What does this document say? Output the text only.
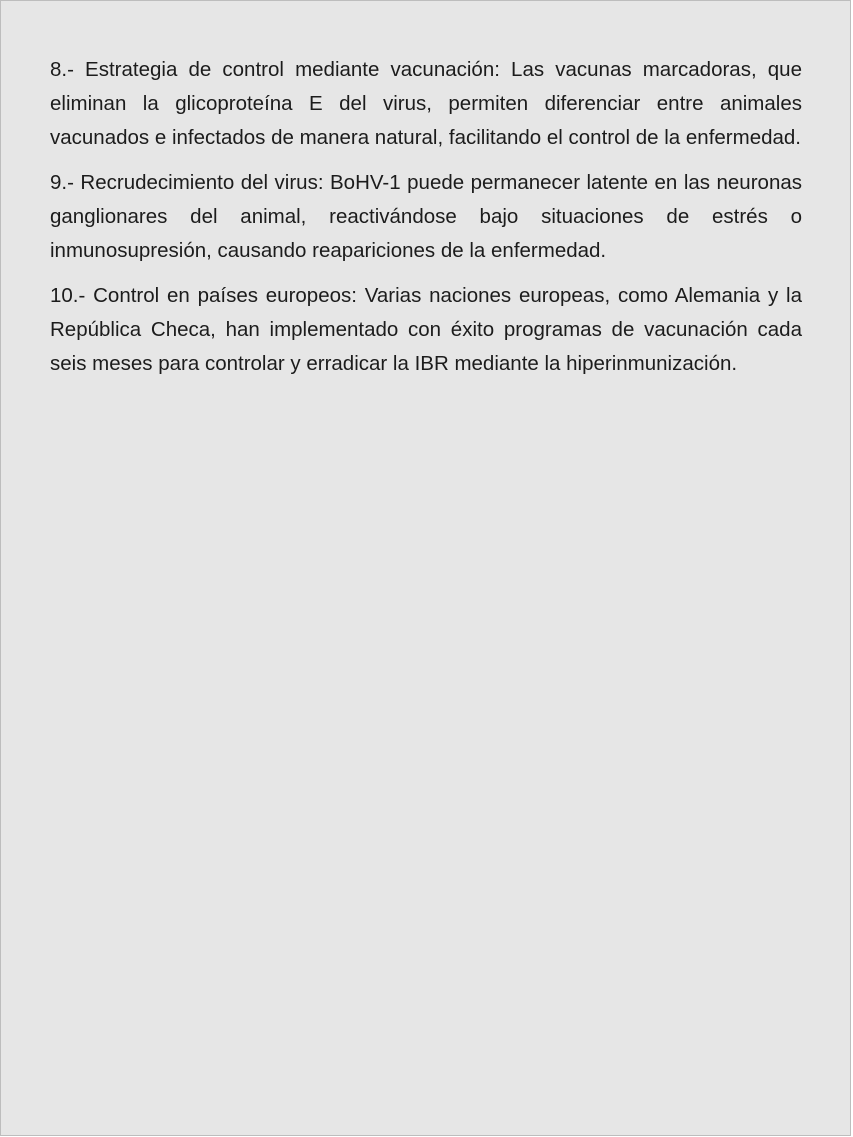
8.- Estrategia de control mediante vacunación: Las vacunas marcadoras, que eliminan la glicoproteína E del virus, permiten diferenciar entre animales vacunados e infectados de manera natural, facilitando el control de la enfermedad.

9.- Recrudecimiento del virus: BoHV-1 puede permanecer latente en las neuronas ganglionares del animal, reactivándose bajo situaciones de estrés o inmunosupresión, causando reapariciones de la enfermedad.

10.- Control en países europeos: Varias naciones europeas, como Alemania y la República Checa, han implementado con éxito programas de vacunación cada seis meses para controlar y erradicar la IBR mediante la hiperinmunización.
